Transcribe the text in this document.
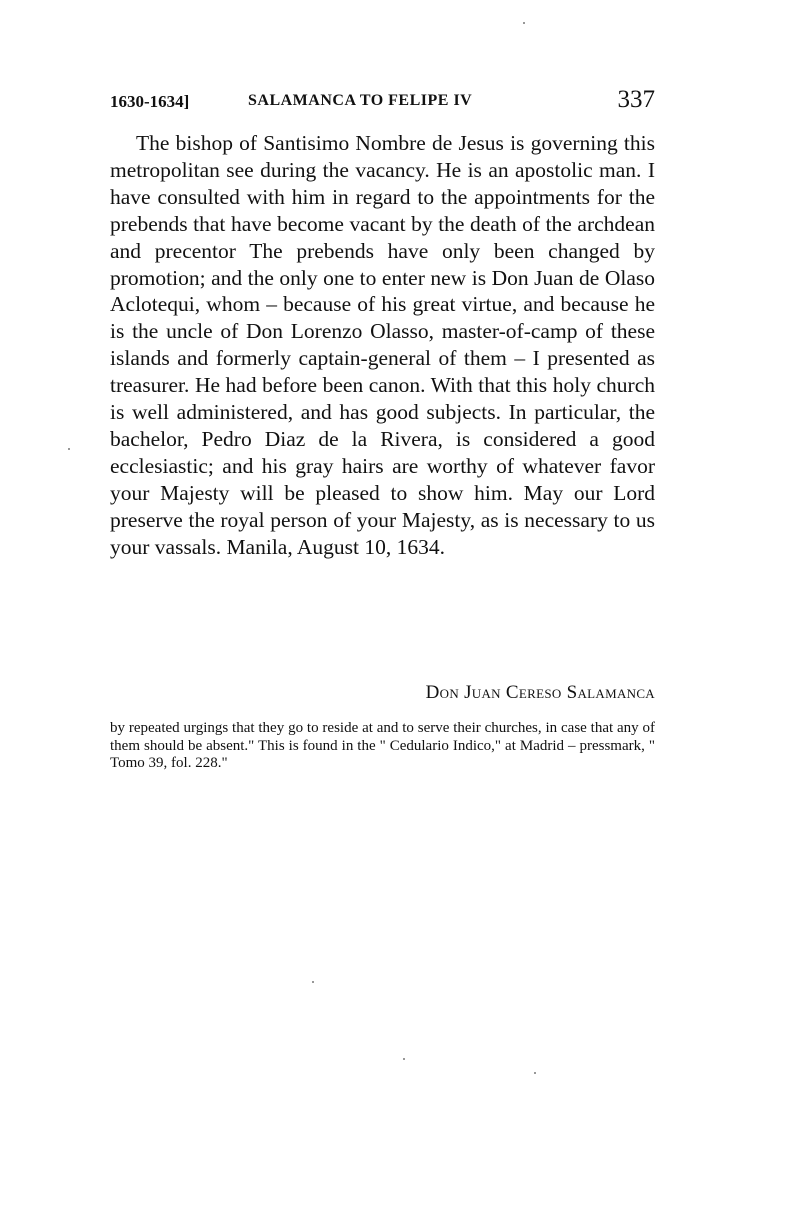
1630-1634]	SALAMANCA TO FELIPE IV	337

The bishop of Santisimo Nombre de Jesus is governing this metropolitan see during the vacancy. He is an apostolic man. I have consulted with him in regard to the appointments for the prebends that have become vacant by the death of the archdean and precentor The prebends have only been changed by promotion; and the only one to enter new is Don Juan de Olaso Aclotequi, whom – because of his great virtue, and because he is the uncle of Don Lorenzo Olasso, master-of-camp of these islands and formerly captain-general of them – I presented as treasurer. He had before been canon. With that this holy church is well administered, and has good subjects. In particular, the bachelor, Pedro Diaz de la Rivera, is considered a good ecclesiastic; and his gray hairs are worthy of whatever favor your Majesty will be pleased to show him. May our Lord preserve the royal person of your Majesty, as is necessary to us your vassals. Manila, August 10, 1634.

Don Juan Cereso Salamanca

by repeated urgings that they go to reside at and to serve their churches, in case that any of them should be absent." This is found in the " Cedulario Indico," at Madrid – pressmark, " Tomo 39, fol. 228."
